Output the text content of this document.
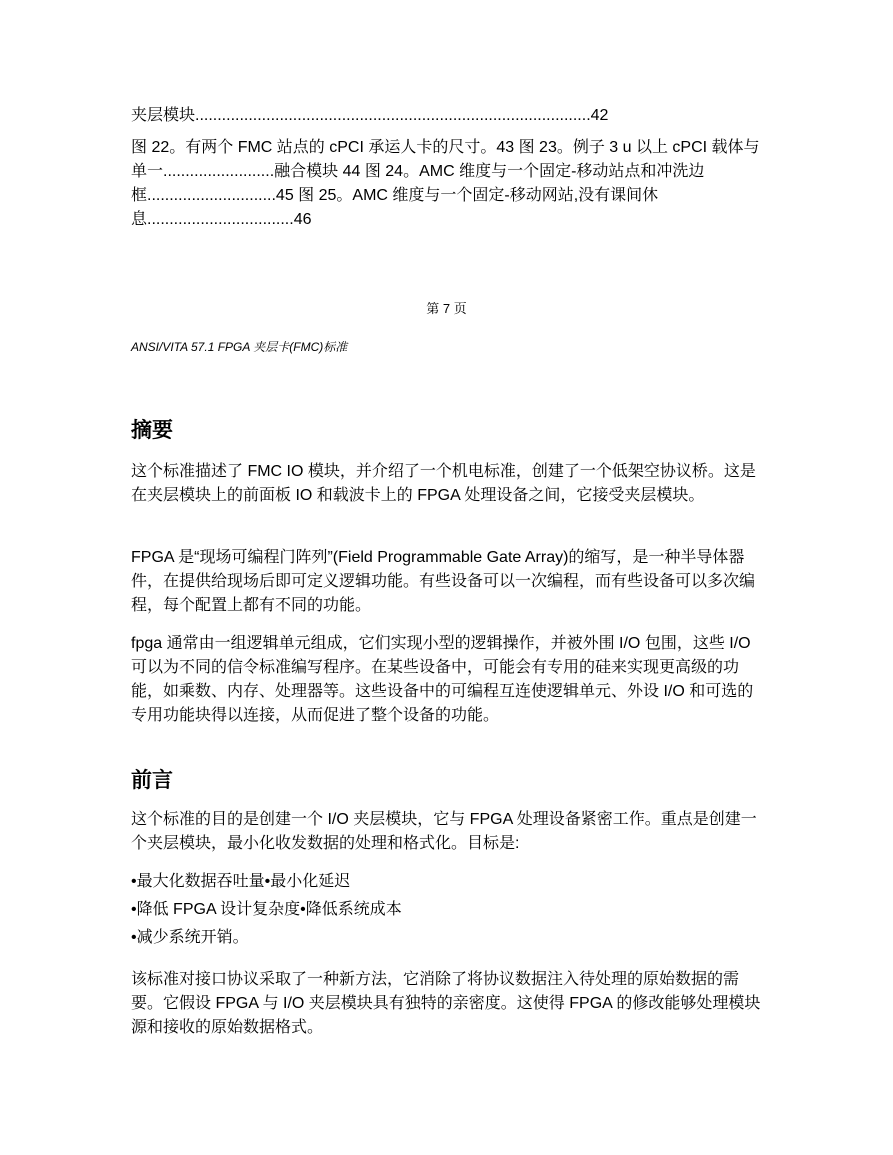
夹层模块.........................................................................................42

图 22。有两个 FMC 站点的 cPCI 承运人卡的尺寸。43 图 23。例子 3 u 以上 cPCI 载体与单一.........................融合模块 44 图 24。AMC 维度与一个固定-移动站点和冲洗边框.............................45 图 25。AMC 维度与一个固定-移动网站,没有课间休息.................................46

第 7 页
ANSI/VITA 57.1 FPGA 夹层卡(FMC)标准
摘要

这个标准描述了 FMC IO 模块，并介绍了一个机电标准，创建了一个低架空协议桥。这是在夹层模块上的前面板 IO 和载波卡上的 FPGA 处理设备之间，它接受夹层模块。

FPGA 是“现场可编程门阵列”(Field Programmable Gate Array)的缩写，是一种半导体器件，在提供给现场后即可定义逻辑功能。有些设备可以一次编程，而有些设备可以多次编程，每个配置上都有不同的功能。

fpga 通常由一组逻辑单元组成，它们实现小型的逻辑操作，并被外围 I/O 包围，这些 I/O 可以为不同的信令标准编写程序。在某些设备中，可能会有专用的硅来实现更高级的功能，如乘数、内存、处理器等。这些设备中的可编程互连使逻辑单元、外设 I/O 和可选的专用功能块得以连接，从而促进了整个设备的功能。

前言

这个标准的目的是创建一个 I/O 夹层模块，它与 FPGA 处理设备紧密工作。重点是创建一个夹层模块，最小化收发数据的处理和格式化。目标是:

•最大化数据吞吐量•最小化延迟
•降低 FPGA 设计复杂度•降低系统成本
•减少系统开销。

该标准对接口协议采取了一种新方法，它消除了将协议数据注入待处理的原始数据的需要。它假设 FPGA 与 I/O 夹层模块具有独特的亲密度。这使得 FPGA 的修改能够处理模块源和接收的原始数据格式。
